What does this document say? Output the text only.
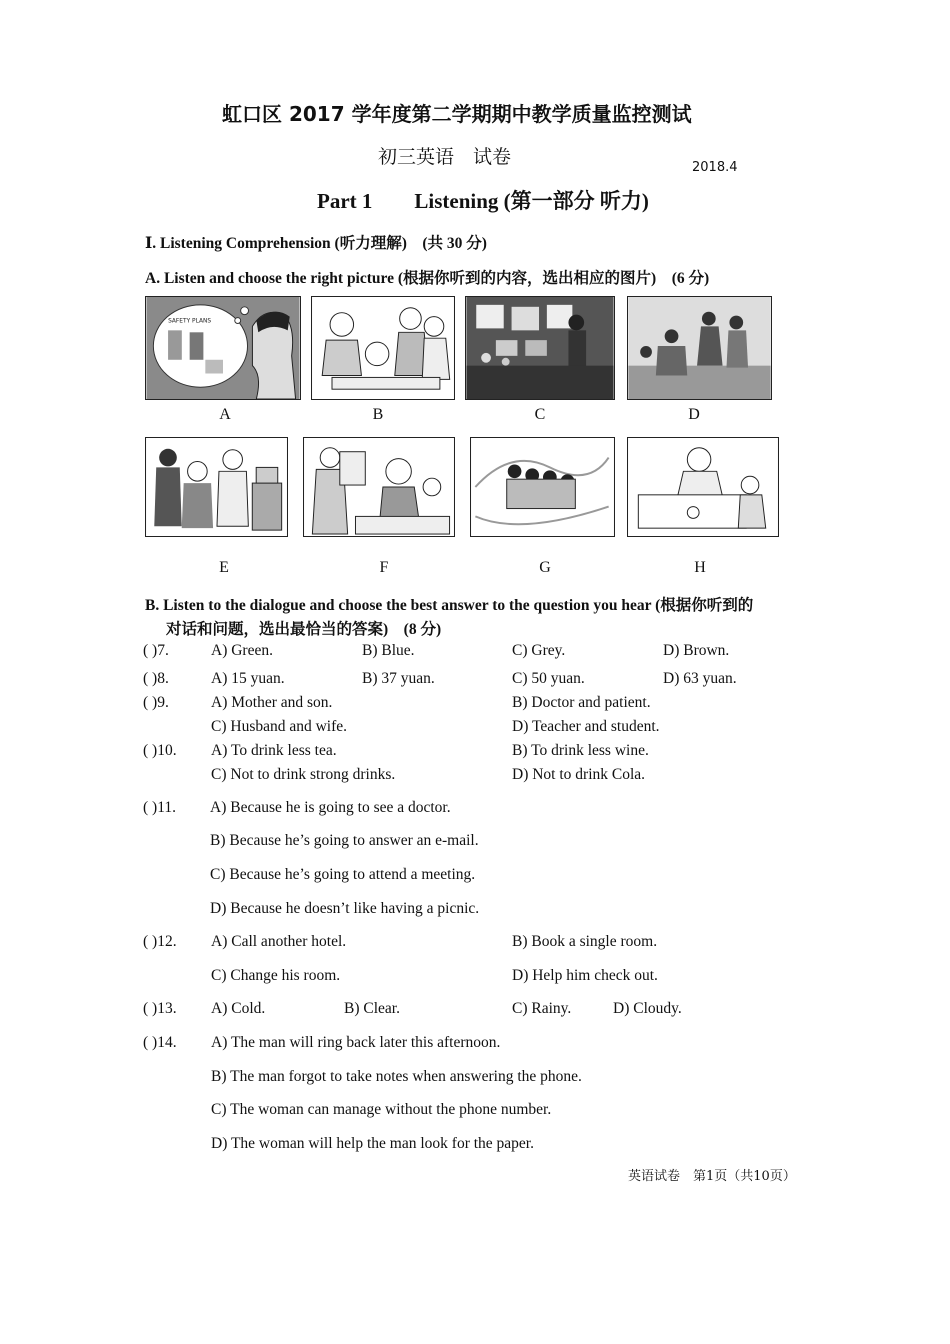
虹口区 2017 学年度第二学期期中教学质量监控测试
初三英语　试卷	2018.4
Part 1　　Listening (第一部分 听力)
Ⅰ. Listening Comprehension (听力理解)　(共 30 分)
A. Listen and choose the right picture (根据你听到的内容，选出相应的图片)　(6 分)
SAFETY PLANS
A	B	C	D
E	F	G	H
B. Listen to the dialogue and choose the best answer to the question you hear (根据你听到的
对话和问题，选出最恰当的答案)　(8 分)
( )7.	A) Green.	B) Blue.	C) Grey.	D) Brown.
( )8.	A) 15 yuan.	B) 37 yuan.	C) 50 yuan.	D) 63 yuan.
( )9.	A) Mother and son.	B) Doctor and patient.
C) Husband and wife.	D) Teacher and student.
( )10. A) To drink less tea.	B) To drink less wine.
C) Not to drink strong drinks.	D) Not to drink Cola.
( )11. A) Because he is going to see a doctor.
B) Because he’s going to answer an e-mail.
C) Because he’s going to attend a meeting.
D) Because he doesn’t like having a picnic.
( )12. A) Call another hotel.	B) Book a single room.
C) Change his room.	D) Help him check out.
( )13. A) Cold.	B) Clear.	C) Rainy.	D) Cloudy.
( )14. A) The man will ring back later this afternoon.
B) The man forgot to take notes when answering the phone.
C) The woman can manage without the phone number.
D) The woman will help the man look for the paper.
英语试卷　第1页（共10页）
